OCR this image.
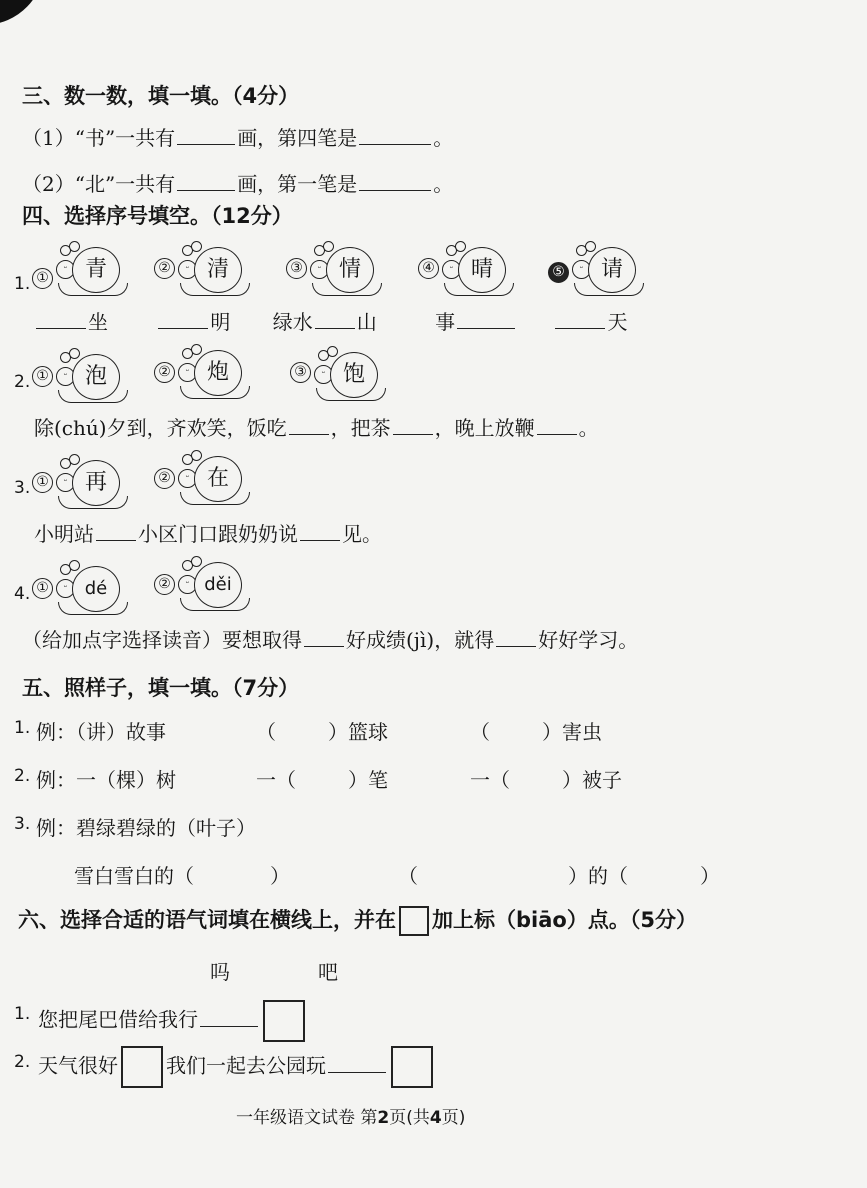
三、数一数，填一填。（4分）
（1）“书”一共有	画，第四笔是	。
（2）“北”一共有	画，第一笔是	。
四、选择序号填空。（12分）
1. ①
ᵕ 青	②	ᵕ 清	③	ᵕ 情	④	ᵕ 晴	⑤	ᵕ 请
坐	明 绿水 山	事	天
2. ①	ᵕ 泡	②	ᵕ 炮	③	ᵕ 饱
除(chú)夕到，齐欢笑，饭吃 ，把茶 ，晚上放鞭 。
3. ①	ᵕ 再	②	ᵕ 在
小明站 小区门口跟奶奶说 见。
4. ①	ᵕ dé	②	ᵕ děi
（给加点字选择读音）要想取得 好成绩(jì)，就得 好好学习。
五、照样子，填一填。（7分）
1. 例：（讲）故事	（	）篮球	（	）害虫
2. 例：一（棵）树	一（	）笔	一（	）被子
3. 例：碧绿碧绿的（叶子）
雪白雪白的（	）	（	）的（	）
六、选择合适的语气词填在横线上，并在 加上标（biāo）点。（5分）
吗	吧
1. 您把尾巴借给我行
2. 天气很好 我们一起去公园玩
一年级语文试卷 第2页(共4页)
